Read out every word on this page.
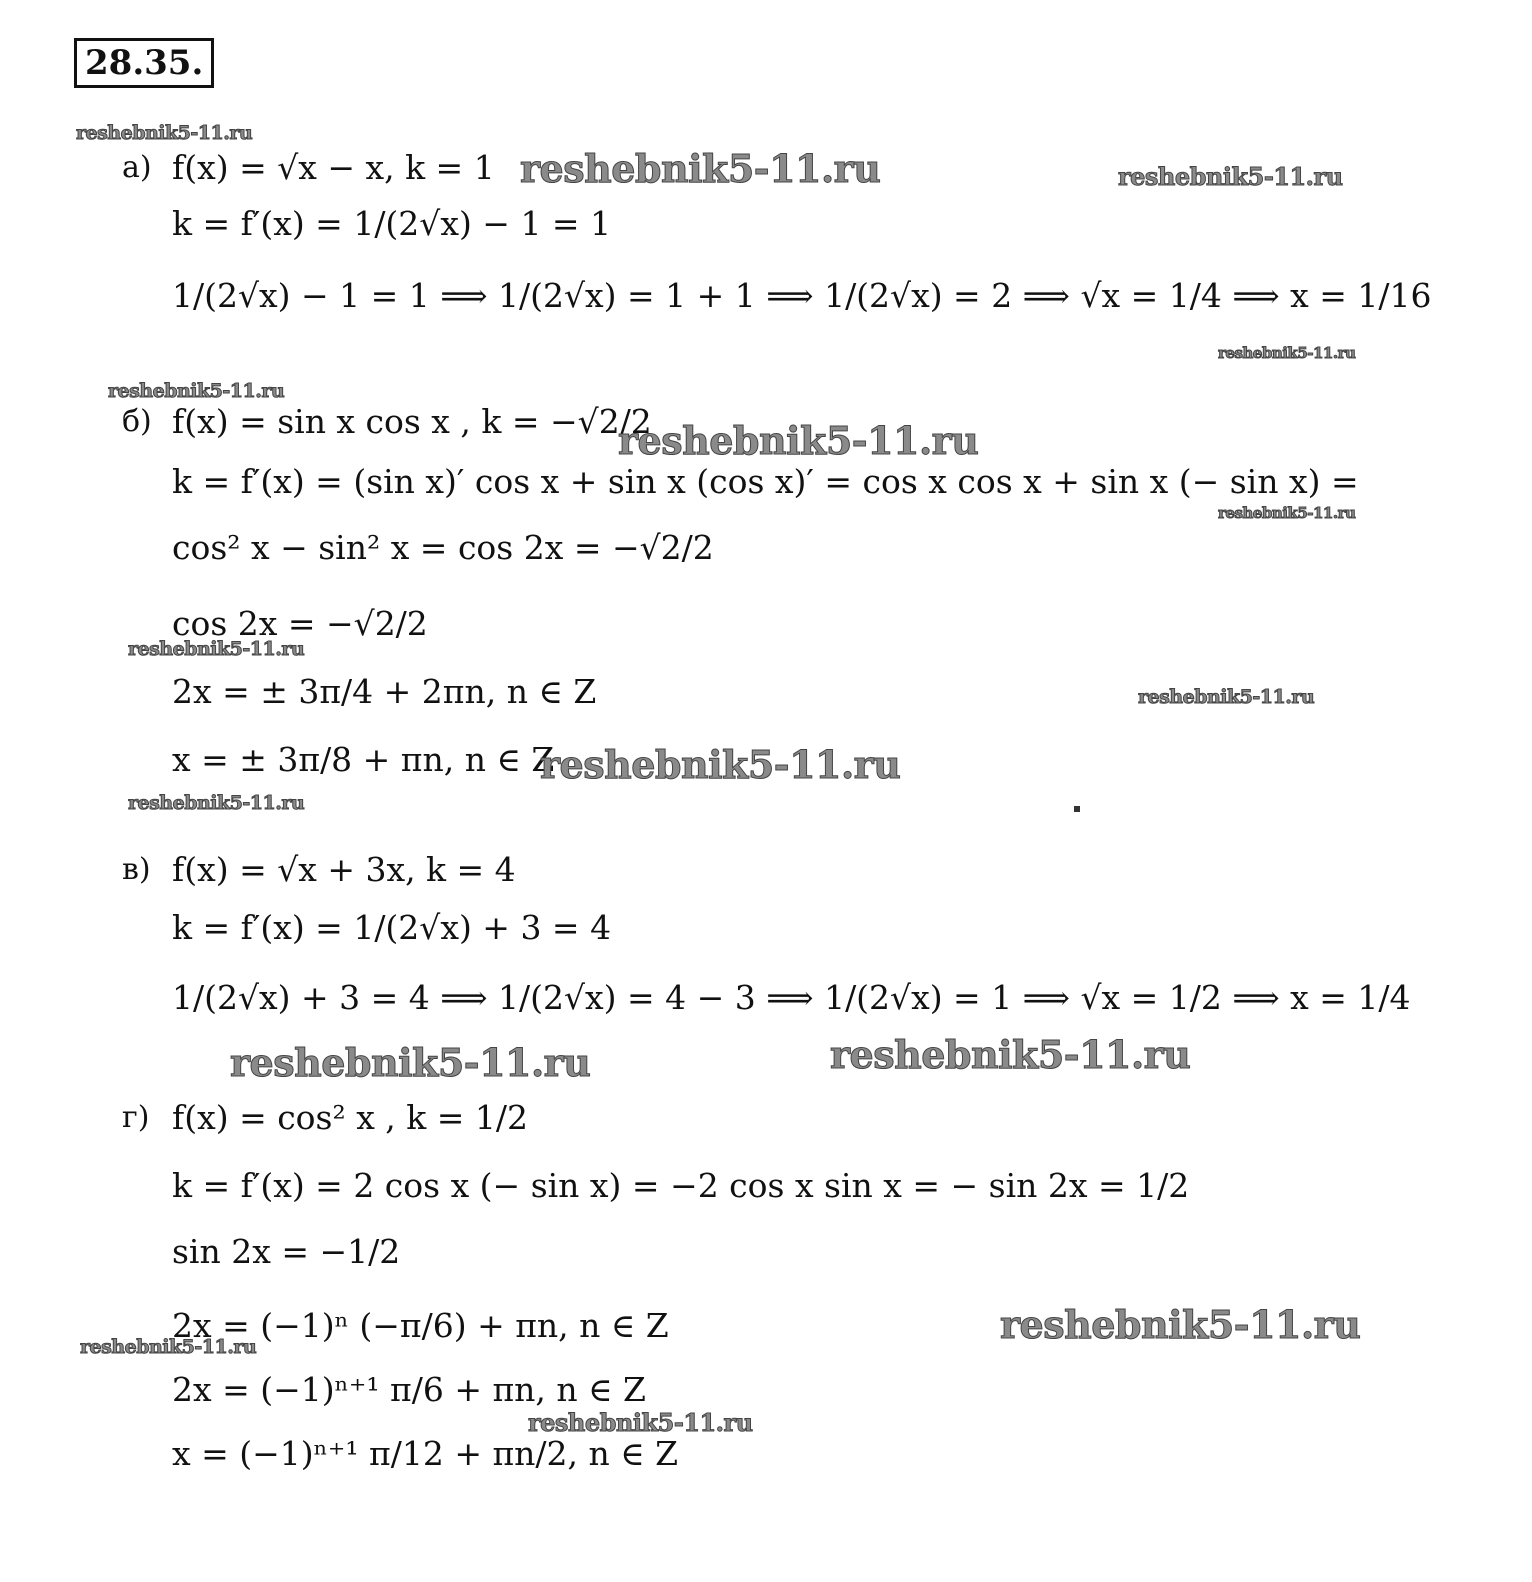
28.35.
а) f(x) = √x − x, k = 1
k = f′(x) = 1/(2√x) − 1 = 1
1/(2√x) − 1 = 1 ⟹ 1/(2√x) = 1 + 1 ⟹ 1/(2√x) = 2 ⟹ √x = 1/4 ⟹ x = 1/16
б) f(x) = sin x cos x , k = −√2/2
k = f′(x) = (sin x)′ cos x + sin x (cos x)′ = cos x cos x + sin x (− sin x) =
cos² x − sin² x = cos 2x = −√2/2
cos 2x = −√2/2
2x = ± 3π/4 + 2πn, n ∈ Z
x = ± 3π/8 + πn, n ∈ Z
в) f(x) = √x + 3x, k = 4
k = f′(x) = 1/(2√x) + 3 = 4
1/(2√x) + 3 = 4 ⟹ 1/(2√x) = 4 − 3 ⟹ 1/(2√x) = 1 ⟹ √x = 1/2 ⟹ x = 1/4
г) f(x) = cos² x , k = 1/2
k = f′(x) = 2 cos x (− sin x) = −2 cos x sin x = − sin 2x = 1/2
sin 2x = −1/2
2x = (−1)ⁿ (−π/6) + πn, n ∈ Z
2x = (−1)ⁿ⁺¹ π/6 + πn, n ∈ Z
x = (−1)ⁿ⁺¹ π/12 + πn/2, n ∈ Z
reshebnik5-11.ru
reshebnik5-11.ru	reshebnik5-11.ru
reshebnik5-11.ru
reshebnik5-11.ru
reshebnik5-11.ru
reshebnik5-11.ru
reshebnik5-11.ru
reshebnik5-11.ru
reshebnik5-11.ru
reshebnik5-11.ru
reshebnik5-11.ru	reshebnik5-11.ru
reshebnik5-11.ru
reshebnik5-11.ru
reshebnik5-11.ru
